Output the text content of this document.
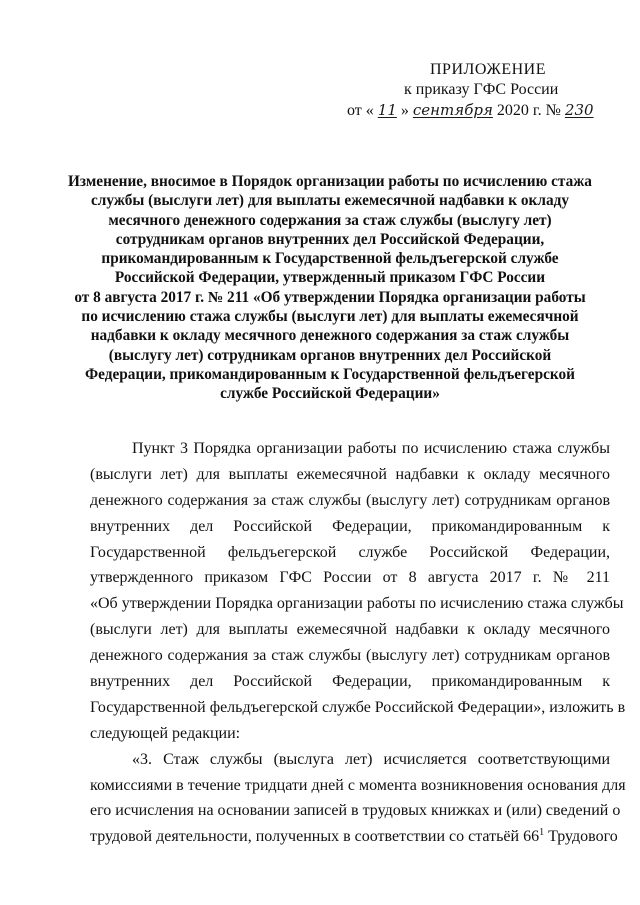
ПРИЛОЖЕНИЕ
к приказу ГФС России
от « 11 » сентября 2020 г. № 230
Изменение, вносимое в Порядок организации работы по исчислению стажа
службы (выслуги лет) для выплаты ежемесячной надбавки к окладу
месячного денежного содержания за стаж службы (выслугу лет)
сотрудникам органов внутренних дел Российской Федерации,
прикомандированным к Государственной фельдъегерской службе
Российской Федерации, утвержденный приказом ГФС России
от 8 августа 2017 г. № 211 «Об утверждении Порядка организации работы
по исчислению стажа службы (выслуги лет) для выплаты ежемесячной
надбавки к окладу месячного денежного содержания за стаж службы
(выслугу лет) сотрудникам органов внутренних дел Российской
Федерации, прикомандированным к Государственной фельдъегерской
службе Российской Федерации»
Пункт 3 Порядка организации работы по исчислению стажа службы
(выслуги лет) для выплаты ежемесячной надбавки к окладу месячного
денежного содержания за стаж службы (выслугу лет) сотрудникам органов
внутренних дел Российской Федерации, прикомандированным к
Государственной фельдъегерской службе Российской Федерации,
утвержденного приказом ГФС России от 8 августа 2017 г. № 211
«Об утверждении Порядка организации работы по исчислению стажа службы
(выслуги лет) для выплаты ежемесячной надбавки к окладу месячного
денежного содержания за стаж службы (выслугу лет) сотрудникам органов
внутренних дел Российской Федерации, прикомандированным к
Государственной фельдъегерской службе Российской Федерации», изложить в
следующей редакции:
«3. Стаж службы (выслуга лет) исчисляется соответствующими
комиссиями в течение тридцати дней с момента возникновения основания для
его исчисления на основании записей в трудовых книжках и (или) сведений о
трудовой деятельности, полученных в соответствии со статьёй $66^1$ Трудового
